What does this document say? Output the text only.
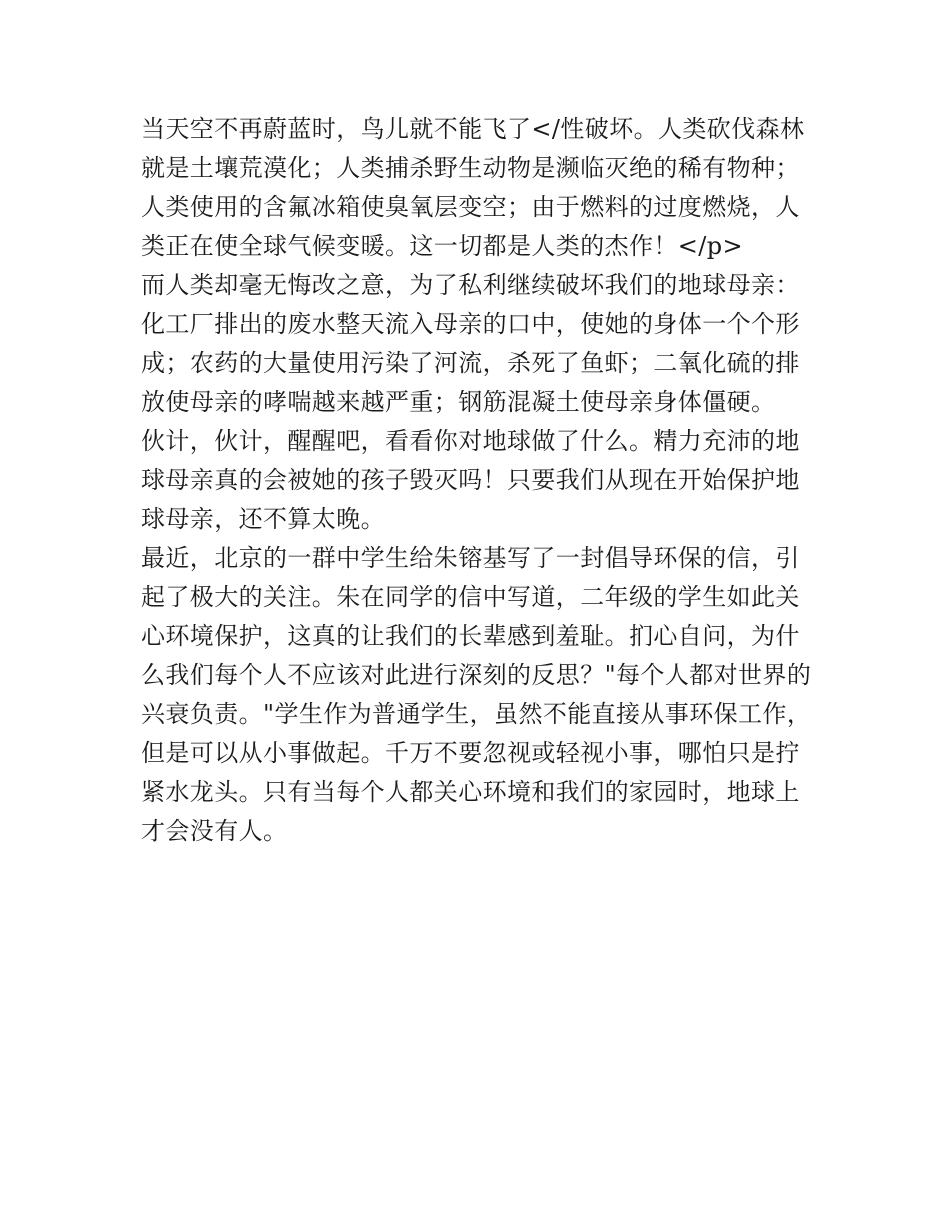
当天空不再蔚蓝时，鸟儿就不能飞了</性破坏。人类砍伐森林就是土壤荒漠化；人类捕杀野生动物是濒临灭绝的稀有物种；人类使用的含氟冰箱使臭氧层变空；由于燃料的过度燃烧，人类正在使全球气候变暖。这一切都是人类的杰作！</p>

而人类却毫无悔改之意，为了私利继续破坏我们的地球母亲：化工厂排出的废水整天流入母亲的口中，使她的身体一个个形成；农药的大量使用污染了河流，杀死了鱼虾；二氧化硫的排放使母亲的哮喘越来越严重；钢筋混凝土使母亲身体僵硬。

伙计，伙计，醒醒吧，看看你对地球做了什么。精力充沛的地球母亲真的会被她的孩子毁灭吗！只要我们从现在开始保护地球母亲，还不算太晚。

最近，北京的一群中学生给朱镕基写了一封倡导环保的信，引起了极大的关注。朱在同学的信中写道，二年级的学生如此关心环境保护，这真的让我们的长辈感到羞耻。扪心自问，为什么我们每个人不应该对此进行深刻的反思？"每个人都对世界的兴衰负责。"学生作为普通学生，虽然不能直接从事环保工作，但是可以从小事做起。千万不要忽视或轻视小事，哪怕只是拧紧水龙头。只有当每个人都关心环境和我们的家园时，地球上才会没有人。
